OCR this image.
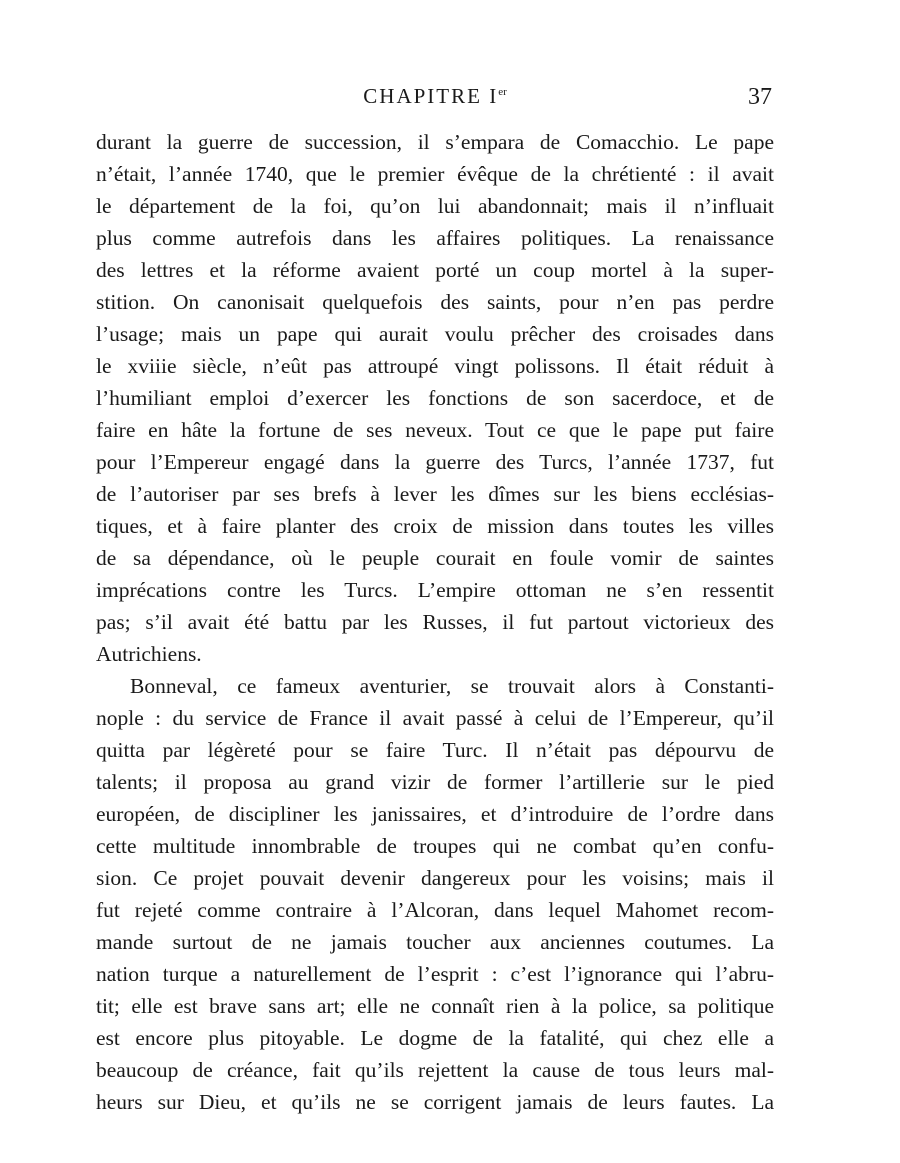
CHAPITRE Ier	37
durant la guerre de succession, il s’empara de Comacchio. Le pape
n’était, l’année 1740, que le premier évêque de la chrétienté : il avait
le département de la foi, qu’on lui abandonnait; mais il n’influait
plus comme autrefois dans les affaires politiques. La renaissance
des lettres et la réforme avaient porté un coup mortel à la super-
stition. On canonisait quelquefois des saints, pour n’en pas perdre
l’usage; mais un pape qui aurait voulu prêcher des croisades dans
le xviiie siècle, n’eût pas attroupé vingt polissons. Il était réduit à
l’humiliant emploi d’exercer les fonctions de son sacerdoce, et de
faire en hâte la fortune de ses neveux. Tout ce que le pape put faire
pour l’Empereur engagé dans la guerre des Turcs, l’année 1737, fut
de l’autoriser par ses brefs à lever les dîmes sur les biens ecclésias-
tiques, et à faire planter des croix de mission dans toutes les villes
de sa dépendance, où le peuple courait en foule vomir de saintes
imprécations contre les Turcs. L’empire ottoman ne s’en ressentit
pas; s’il avait été battu par les Russes, il fut partout victorieux des
Autrichiens.
Bonneval, ce fameux aventurier, se trouvait alors à Constanti-
nople : du service de France il avait passé à celui de l’Empereur, qu’il
quitta par légèreté pour se faire Turc. Il n’était pas dépourvu de
talents; il proposa au grand vizir de former l’artillerie sur le pied
européen, de discipliner les janissaires, et d’introduire de l’ordre dans
cette multitude innombrable de troupes qui ne combat qu’en confu-
sion. Ce projet pouvait devenir dangereux pour les voisins; mais il
fut rejeté comme contraire à l’Alcoran, dans lequel Mahomet recom-
mande surtout de ne jamais toucher aux anciennes coutumes. La
nation turque a naturellement de l’esprit : c’est l’ignorance qui l’abru-
tit; elle est brave sans art; elle ne connaît rien à la police, sa politique
est encore plus pitoyable. Le dogme de la fatalité, qui chez elle a
beaucoup de créance, fait qu’ils rejettent la cause de tous leurs mal-
heurs sur Dieu, et qu’ils ne se corrigent jamais de leurs fautes. La
